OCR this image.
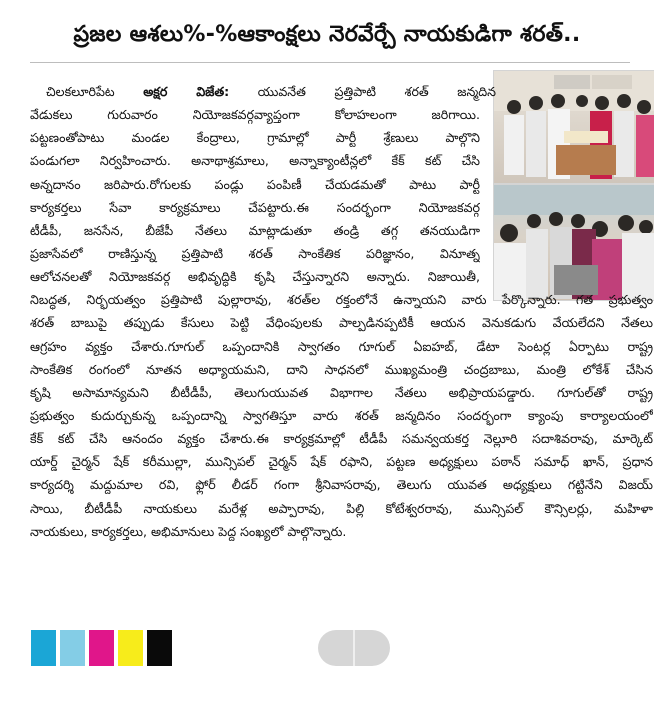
ప్రజల ఆశలు%-%ఆకాంక్షలు నెరవేర్చే నాయకుడిగా శరత్..
చిలకలూరిపేట అక్షర విజేత: యువనేత ప్రత్తిపాటి శరత్ జన్మదిన
వేడుకలు గురువారం నియోజకవర్గవ్యాప్తంగా కోలాహలంగా జరిగాయి.
పట్టణంతోపాటు మండల కేంద్రాలు, గ్రామాల్లో పార్టీ శ్రేణులు పాల్గొని
పండుగలా నిర్వహించారు. అనాథాశ్రమాలు, అన్నాక్యాంటీన్లలో కేక్ కట్ చేసి
అన్నదానం జరిపారు.రోగులకు పండ్లు పంపిణీ చేయడమతో పాటు పార్టీ
కార్యకర్తలు సేవా కార్యక్రమాలు చేపట్టారు.ఈ సందర్భంగా నియోజకవర్గ
టీడీపీ, జనసేన, బీజేపీ నేతలు మాట్లాడుతూ తండ్రి తగ్గ తనయుడిగా
ప్రజాసేవలో రాణిస్తున్న ప్రత్తిపాటి శరత్ సాంకేతిక పరిజ్ఞానం, వినూత్న
ఆలోచనలతో నియోజకవర్గ అభివృద్ధికి కృషి చేస్తున్నారని అన్నారు. నిజాయితీ,
నిబద్ధత, నిర్భయత్వం ప్రత్తిపాటి పుల్లారావు, శరత్‌ల రక్తంలోనే ఉన్నాయని వారు పేర్కొన్నారు. గత ప్రభుత్వం
శరత్ బాబుపై తప్పుడు కేసులు పెట్టి వేధింపులకు పాల్పడినప్పటికీ ఆయన వెనుకడుగు వేయలేదని నేతలు
ఆగ్రహం వ్యక్తం చేశారు.గూగుల్ ఒప్పందానికి స్వాగతం గూగుల్ ఏఐహబ్, డేటా సెంటర్ల ఏర్పాటు రాష్ట్ర
సాంకేతిక రంగంలో నూతన అధ్యాయమని, దాని సాధనలో ముఖ్యమంత్రి చంద్రబాబు, మంత్రి లోకేశ్ చేసిన
కృషి అసామాన్యమని బీటీడీపీ, తెలుగుయువత విభాగాల నేతలు అభిప్రాయపడ్డారు. గూగుల్‌తో రాష్ట్ర
ప్రభుత్వం కుదుర్చుకున్న ఒప్పందాన్ని స్వాగతిస్తూ వారు శరత్ జన్మదినం సందర్భంగా క్యాంపు కార్యాలయంలో
కేక్ కట్ చేసి ఆనందం వ్యక్తం చేశారు.ఈ కార్యక్రమాల్లో టీడీపీ సమన్వయకర్త నెల్లూరి సదాశివరావు, మార్కెట్
యార్డ్ చైర్మన్ షేక్ కరీముల్లా, మున్సిపల్ చైర్మన్ షేక్ రఫాని, పట్టణ అధ్యక్షులు పఠాన్ సమాధ్ ఖాన్, ప్రధాన
కార్యదర్శి మద్దుమాల రవి, ఫ్లోర్ లీడర్ గంగా శ్రీనివాసరావు, తెలుగు యువత అధ్యక్షులు గట్టినేని విజయ్
సాయి, బీటీడీపీ నాయకులు మరేళ్ల అప్పారావు, పిల్లి కోటేశ్వరరావు, మున్సిపల్ కౌన్సిలర్లు, మహిళా
నాయకులు, కార్యకర్తలు, అభిమానులు పెద్ద సంఖ్యలో పాల్గొన్నారు.
